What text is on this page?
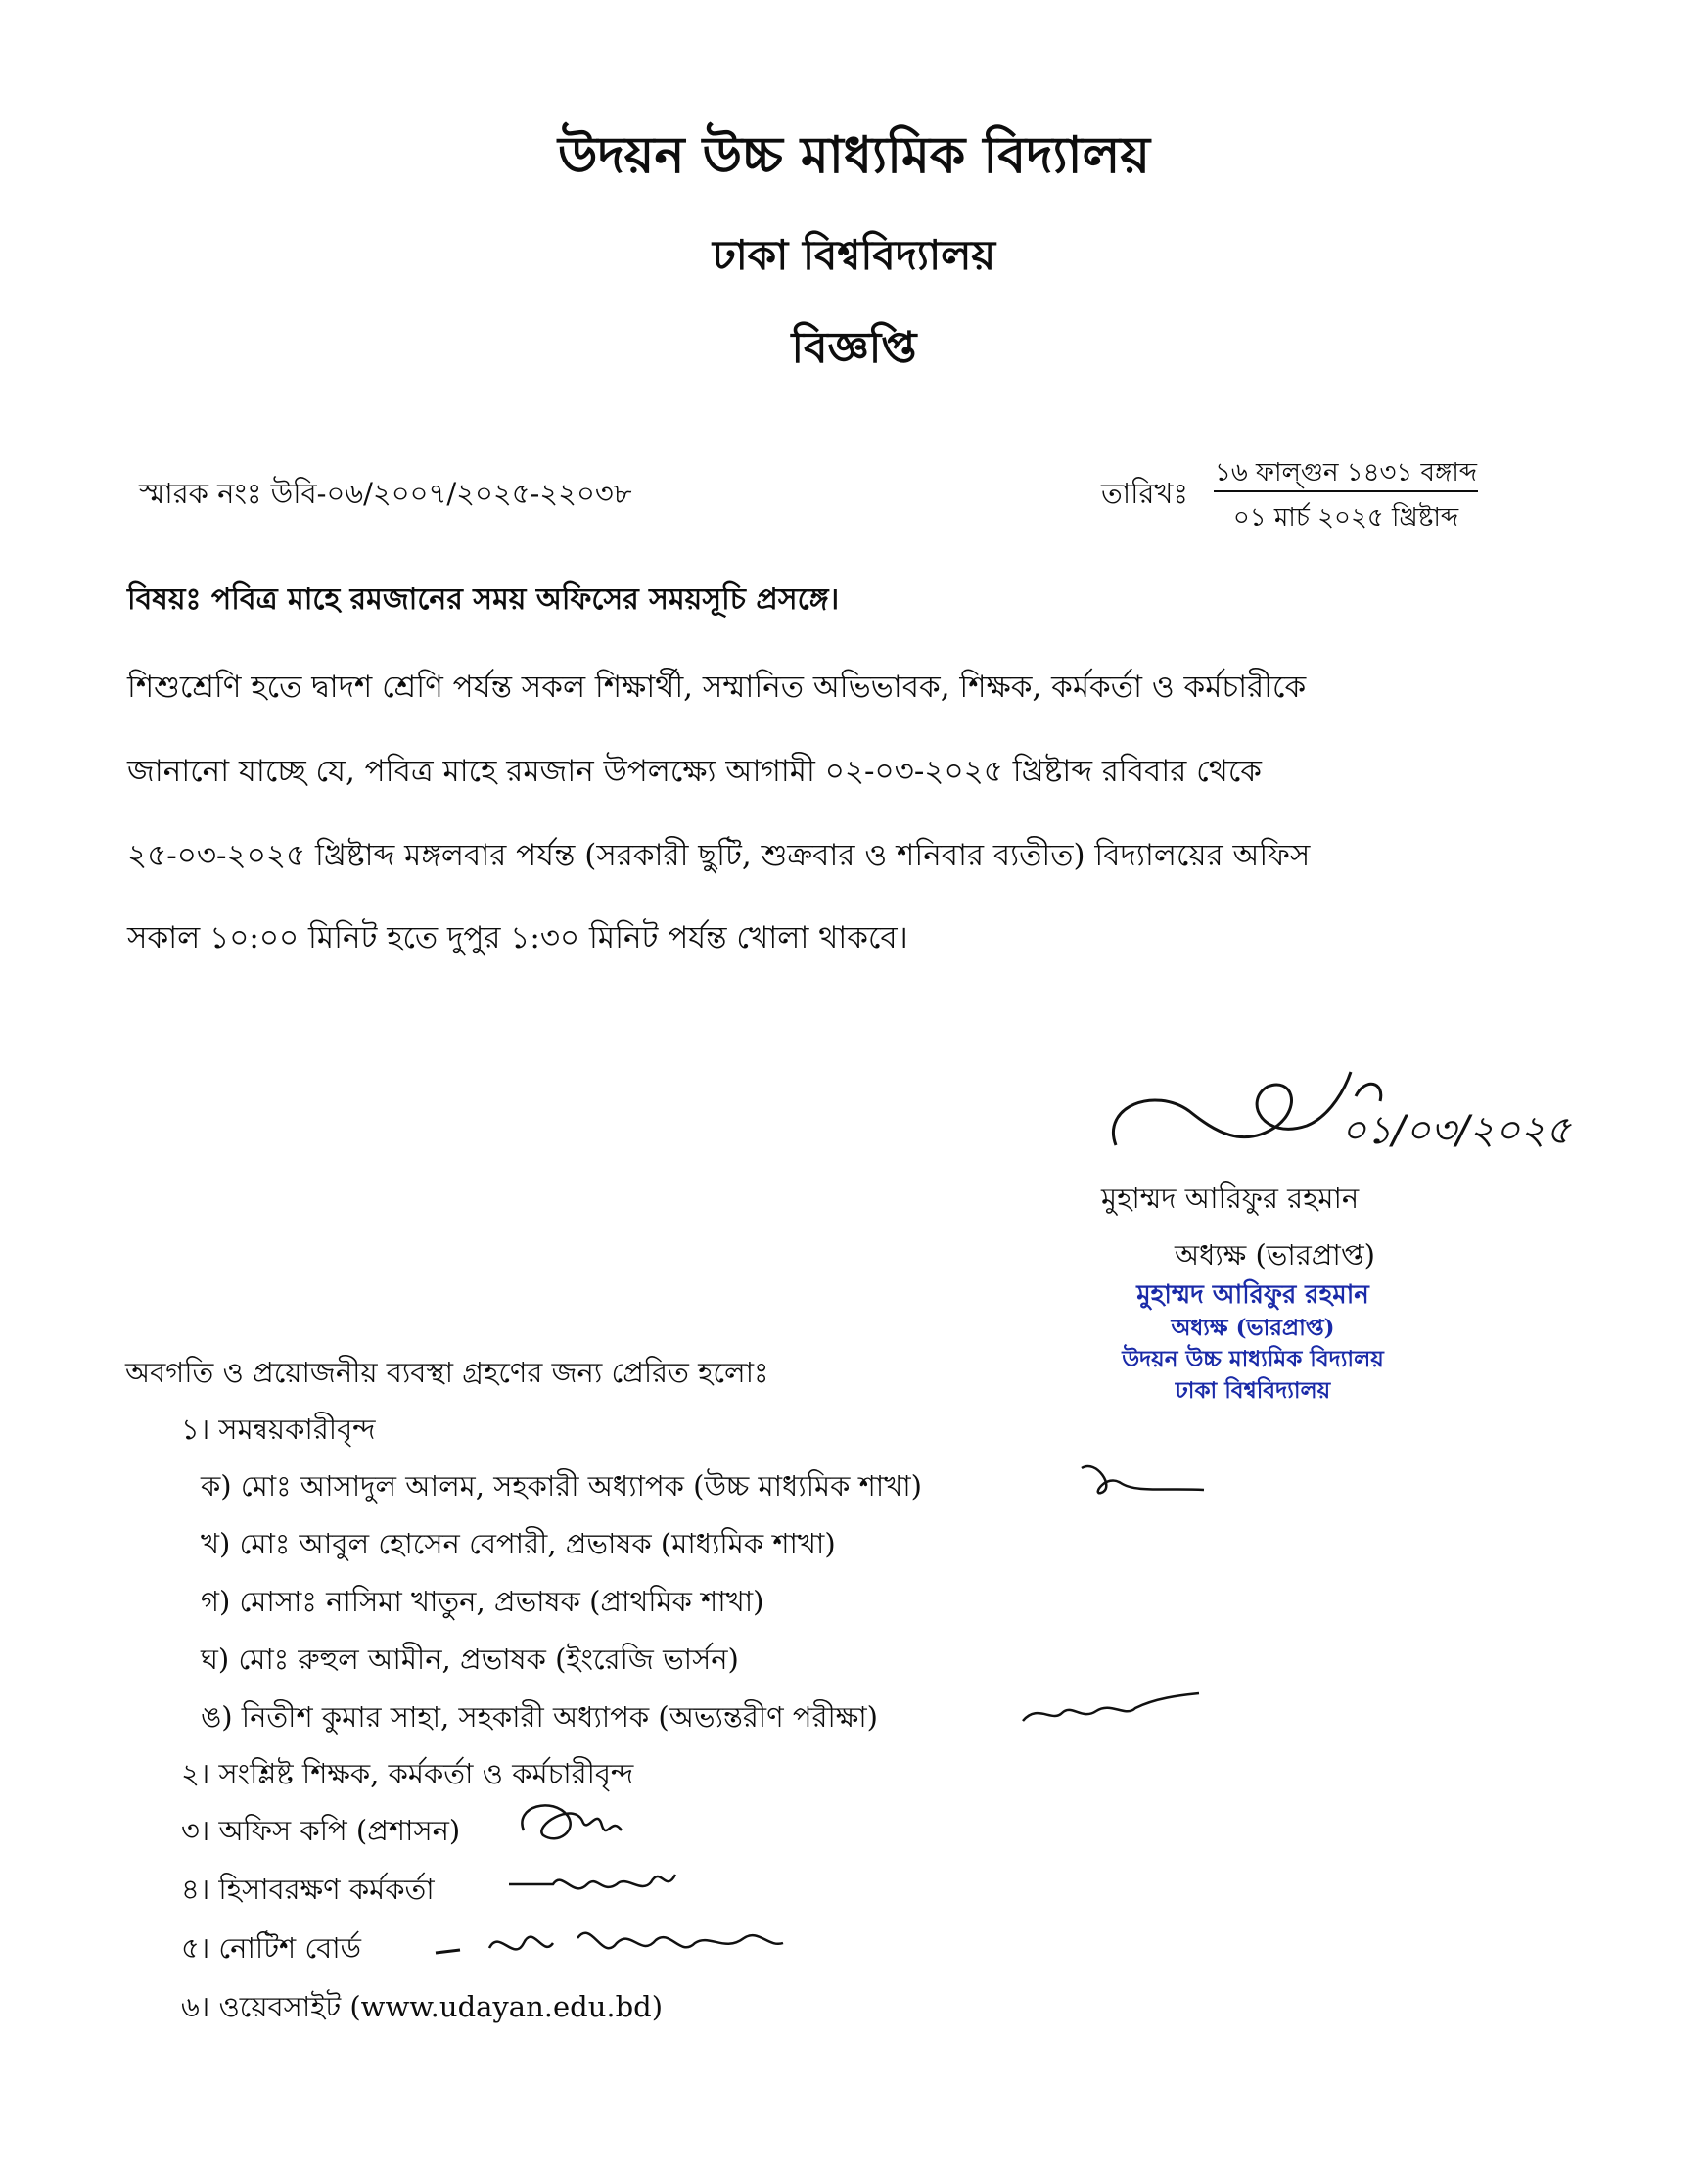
উদয়ন উচ্চ মাধ্যমিক বিদ্যালয়
ঢাকা বিশ্ববিদ্যালয়
বিজ্ঞপ্তি
স্মারক নংঃ উবি-০৬/২০০৭/২০২৫-২২০৩৮	তারিখঃ
১৬ ফাল্গুন ১৪৩১ বঙ্গাব্দ
০১ মার্চ ২০২৫ খ্রিষ্টাব্দ
বিষয়ঃ পবিত্র মাহে রমজানের সময় অফিসের সময়সূচি প্রসঙ্গে।
শিশুশ্রেণি হতে দ্বাদশ শ্রেণি পর্যন্ত সকল শিক্ষার্থী, সম্মানিত অভিভাবক, শিক্ষক, কর্মকর্তা ও কর্মচারীকে
জানানো যাচ্ছে যে, পবিত্র মাহে রমজান উপলক্ষ্যে আগামী ০২-০৩-২০২৫ খ্রিষ্টাব্দ রবিবার থেকে
২৫-০৩-২০২৫ খ্রিষ্টাব্দ মঙ্গলবার পর্যন্ত (সরকারী ছুটি, শুক্রবার ও শনিবার ব্যতীত) বিদ্যালয়ের অফিস
সকাল ১০:০০ মিনিট হতে দুপুর ১:৩০ মিনিট পর্যন্ত খোলা থাকবে।
০১/০৩/২০২৫
মুহাম্মদ আরিফুর রহমান
অধ্যক্ষ (ভারপ্রাপ্ত)
মুহাম্মদ আরিফুর রহমান
অধ্যক্ষ (ভারপ্রাপ্ত)
উদয়ন উচ্চ মাধ্যমিক বিদ্যালয়
ঢাকা বিশ্ববিদ্যালয়
অবগতি ও প্রয়োজনীয় ব্যবস্থা গ্রহণের জন্য প্রেরিত হলোঃ
১। সমন্বয়কারীবৃন্দ
ক) মোঃ আসাদুল আলম, সহকারী অধ্যাপক (উচ্চ মাধ্যমিক শাখা)
খ) মোঃ আবুল হোসেন বেপারী, প্রভাষক (মাধ্যমিক শাখা)
গ) মোসাঃ নাসিমা খাতুন, প্রভাষক (প্রাথমিক শাখা)
ঘ) মোঃ রুহুল আমীন, প্রভাষক (ইংরেজি ভার্সন)
ঙ) নিতীশ কুমার সাহা, সহকারী অধ্যাপক (অভ্যন্তরীণ পরীক্ষা)
২। সংশ্লিষ্ট শিক্ষক, কর্মকর্তা ও কর্মচারীবৃন্দ
৩। অফিস কপি (প্রশাসন)
৪। হিসাবরক্ষণ কর্মকর্তা
৫। নোটিশ বোর্ড
৬। ওয়েবসাইট (www.udayan.edu.bd)
